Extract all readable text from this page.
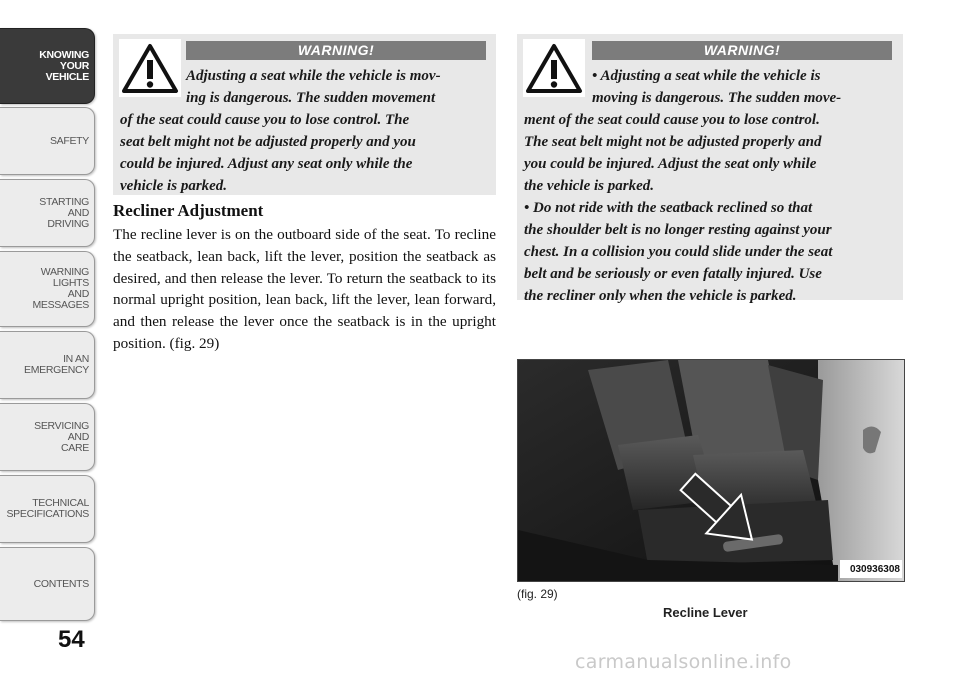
KNOWING
YOUR
VEHICLE
SAFETY
STARTING
AND
DRIVING
WARNING
LIGHTS
AND
MESSAGES
IN AN
EMERGENCY
SERVICING
AND
CARE
TECHNICAL
SPECIFICATIONS
CONTENTS
54
WARNING!
Adjusting a seat while the vehicle is mov-
ing is dangerous. The sudden movement
of the seat could cause you to lose control. The
seat belt might not be adjusted properly and you
could be injured. Adjust any seat only while the
vehicle is parked.
Recliner Adjustment
The recline lever is on the outboard side of the seat. To recline the seatback, lean back, lift the lever, position the seatback as desired, and then release the lever. To return the seatback to its normal upright position, lean back, lift the lever, lean forward, and then release the lever once the seatback is in the upright position. (fig. 29)
WARNING!
• Adjusting a seat while the vehicle is
moving is dangerous. The sudden move-
ment of the seat could cause you to lose control.
The seat belt might not be adjusted properly and
you could be injured. Adjust the seat only while
the vehicle is parked.
• Do not ride with the seatback reclined so that
the shoulder belt is no longer resting against your
chest. In a collision you could slide under the seat
belt and be seriously or even fatally injured. Use
the recliner only when the vehicle is parked.
030936308
(fig. 29)
Recline Lever
carmanualsonline.info
